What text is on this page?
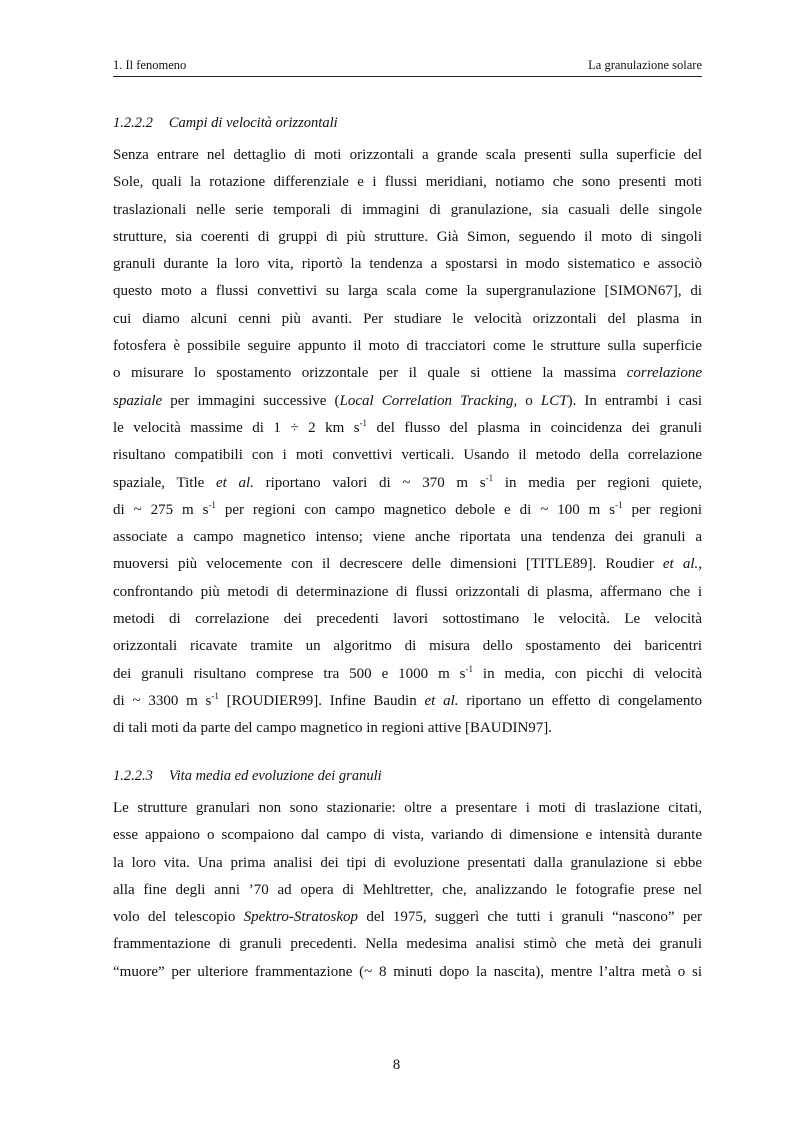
1. Il fenomeno	La granulazione solare
1.2.2.2 Campi di velocità orizzontali
Senza entrare nel dettaglio di moti orizzontali a grande scala presenti sulla superficie del
Sole, quali la rotazione differenziale e i flussi meridiani, notiamo che sono presenti moti
traslazionali nelle serie temporali di immagini di granulazione, sia casuali delle singole
strutture, sia coerenti di gruppi di più strutture. Già Simon, seguendo il moto di singoli
granuli durante la loro vita, riportò la tendenza a spostarsi in modo sistematico e associò
questo moto a flussi convettivi su larga scala come la supergranulazione [SIMON67], di
cui diamo alcuni cenni più avanti. Per studiare le velocità orizzontali del plasma in
fotosfera è possibile seguire appunto il moto di tracciatori come le strutture sulla superficie
o misurare lo spostamento orizzontale per il quale si ottiene la massima correlazione
spaziale per immagini successive (Local Correlation Tracking, o LCT). In entrambi i casi
le velocità massime di 1 ÷ 2 km $s^{-1}$ del flusso del plasma in coincidenza dei granuli
risultano compatibili con i moti convettivi verticali. Usando il metodo della correlazione
spaziale, Title et al. riportano valori di ~ 370 m $s^{-1}$ in media per regioni quiete,
di ~ 275 m $s^{-1}$ per regioni con campo magnetico debole e di ~ 100 m $s^{-1}$ per regioni
associate a campo magnetico intenso; viene anche riportata una tendenza dei granuli a
muoversi più velocemente con il decrescere delle dimensioni [TITLE89]. Roudier et al.,
confrontando più metodi di determinazione di flussi orizzontali di plasma, affermano che i
metodi di correlazione dei precedenti lavori sottostimano le velocità. Le velocità
orizzontali ricavate tramite un algoritmo di misura dello spostamento dei baricentri
dei granuli risultano comprese tra 500 e 1000 m $s^{-1}$ in media, con picchi di velocità
di ~ 3300 m $s^{-1}$ [ROUDIER99]. Infine Baudin et al. riportano un effetto di congelamento
di tali moti da parte del campo magnetico in regioni attive [BAUDIN97].
1.2.2.3 Vita media ed evoluzione dei granuli
Le strutture granulari non sono stazionarie: oltre a presentare i moti di traslazione citati,
esse appaiono o scompaiono dal campo di vista, variando di dimensione e intensità durante
la loro vita. Una prima analisi dei tipi di evoluzione presentati dalla granulazione si ebbe
alla fine degli anni ’70 ad opera di Mehltretter, che, analizzando le fotografie prese nel
volo del telescopio Spektro-Stratoskop del 1975, suggerì che tutti i granuli “nascono” per
frammentazione di granuli precedenti. Nella medesima analisi stimò che metà dei granuli
“muore” per ulteriore frammentazione (~ 8 minuti dopo la nascita), mentre l’altra metà o si
8
